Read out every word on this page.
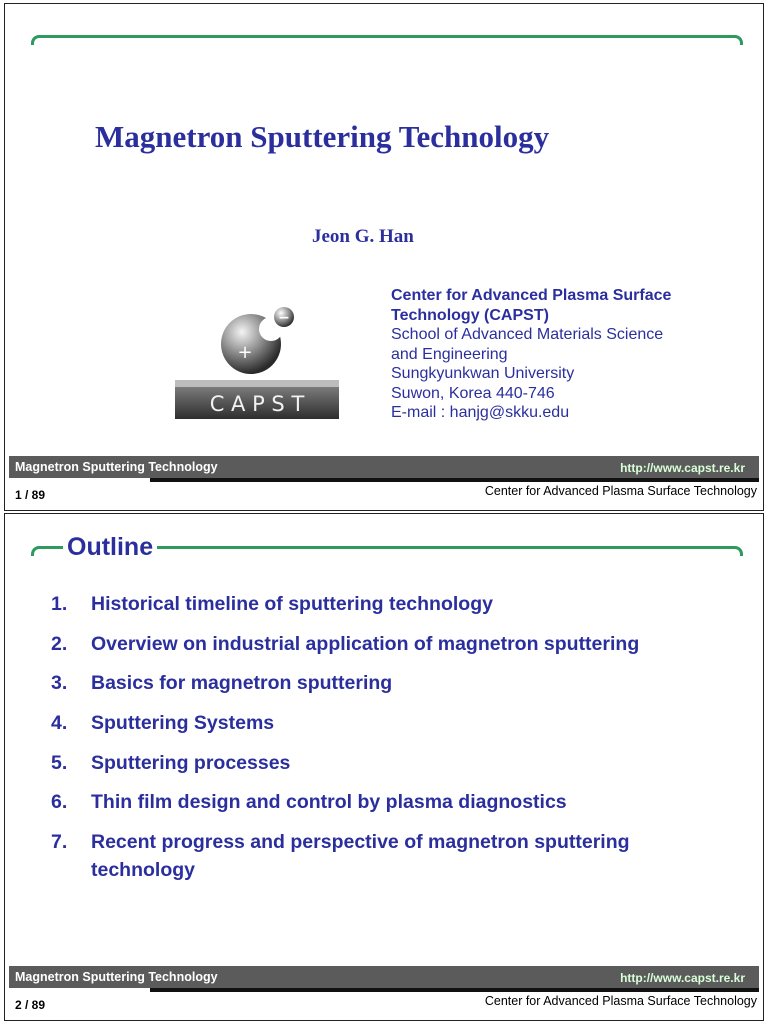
Magnetron Sputtering Technology
Jeon G. Han
−
+
C A P S T
Center for Advanced Plasma Surface
Technology (CAPST)
School of Advanced Materials Science
and Engineering
Sungkyunkwan University
Suwon, Korea 440-746
E-mail : hanjg@skku.edu
Magnetron Sputtering Technology	http://www.capst.re.kr
1 / 89	Center for Advanced Plasma Surface Technology
Outline
1. Historical timeline of sputtering technology
2. Overview on industrial application of magnetron sputtering
3. Basics for magnetron sputtering
4. Sputtering Systems
5. Sputtering processes
6. Thin film design and control by plasma diagnostics
7. Recent progress and perspective of magnetron sputtering technology
Magnetron Sputtering Technology	http://www.capst.re.kr
2 / 89	Center for Advanced Plasma Surface Technology
